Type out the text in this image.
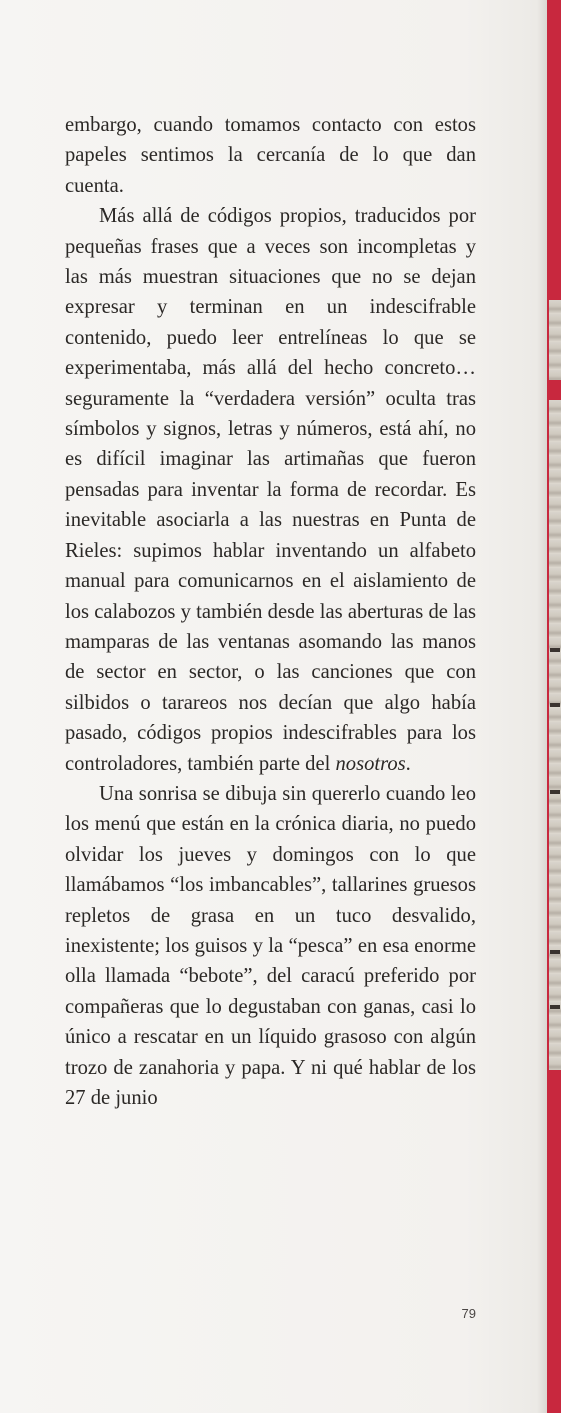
embargo, cuando tomamos contacto con estos papeles sentimos la cercanía de lo que dan cuenta.

Más allá de códigos propios, traducidos por pequeñas frases que a veces son incompletas y las más muestran situaciones que no se dejan expresar y terminan en un indescifrable contenido, puedo leer entrelíneas lo que se experimentaba, más allá del hecho concreto… seguramente la “verdadera versión” oculta tras símbolos y signos, letras y números, está ahí, no es difícil imaginar las artimañas que fueron pensadas para inventar la forma de recordar. Es inevitable asociarla a las nuestras en Punta de Rieles: supimos hablar inventando un alfabeto manual para comunicarnos en el aislamiento de los calabozos y también desde las aberturas de las mamparas de las ventanas asomando las manos de sector en sector, o las canciones que con silbidos o tarareos nos decían que algo había pasado, códigos propios indescifrables para los controladores, también parte del nosotros.

Una sonrisa se dibuja sin quererlo cuando leo los menú que están en la crónica diaria, no puedo olvidar los jueves y domingos con lo que llamábamos “los imbancables”, tallarines gruesos repletos de grasa en un tuco desvalido, inexistente; los guisos y la “pesca” en esa enorme olla llamada “bebote”, del caracú preferido por compañeras que lo degustaban con ganas, casi lo único a rescatar en un líquido grasoso con algún trozo de zanahoria y papa. Y ni qué hablar de los 27 de junio

79
